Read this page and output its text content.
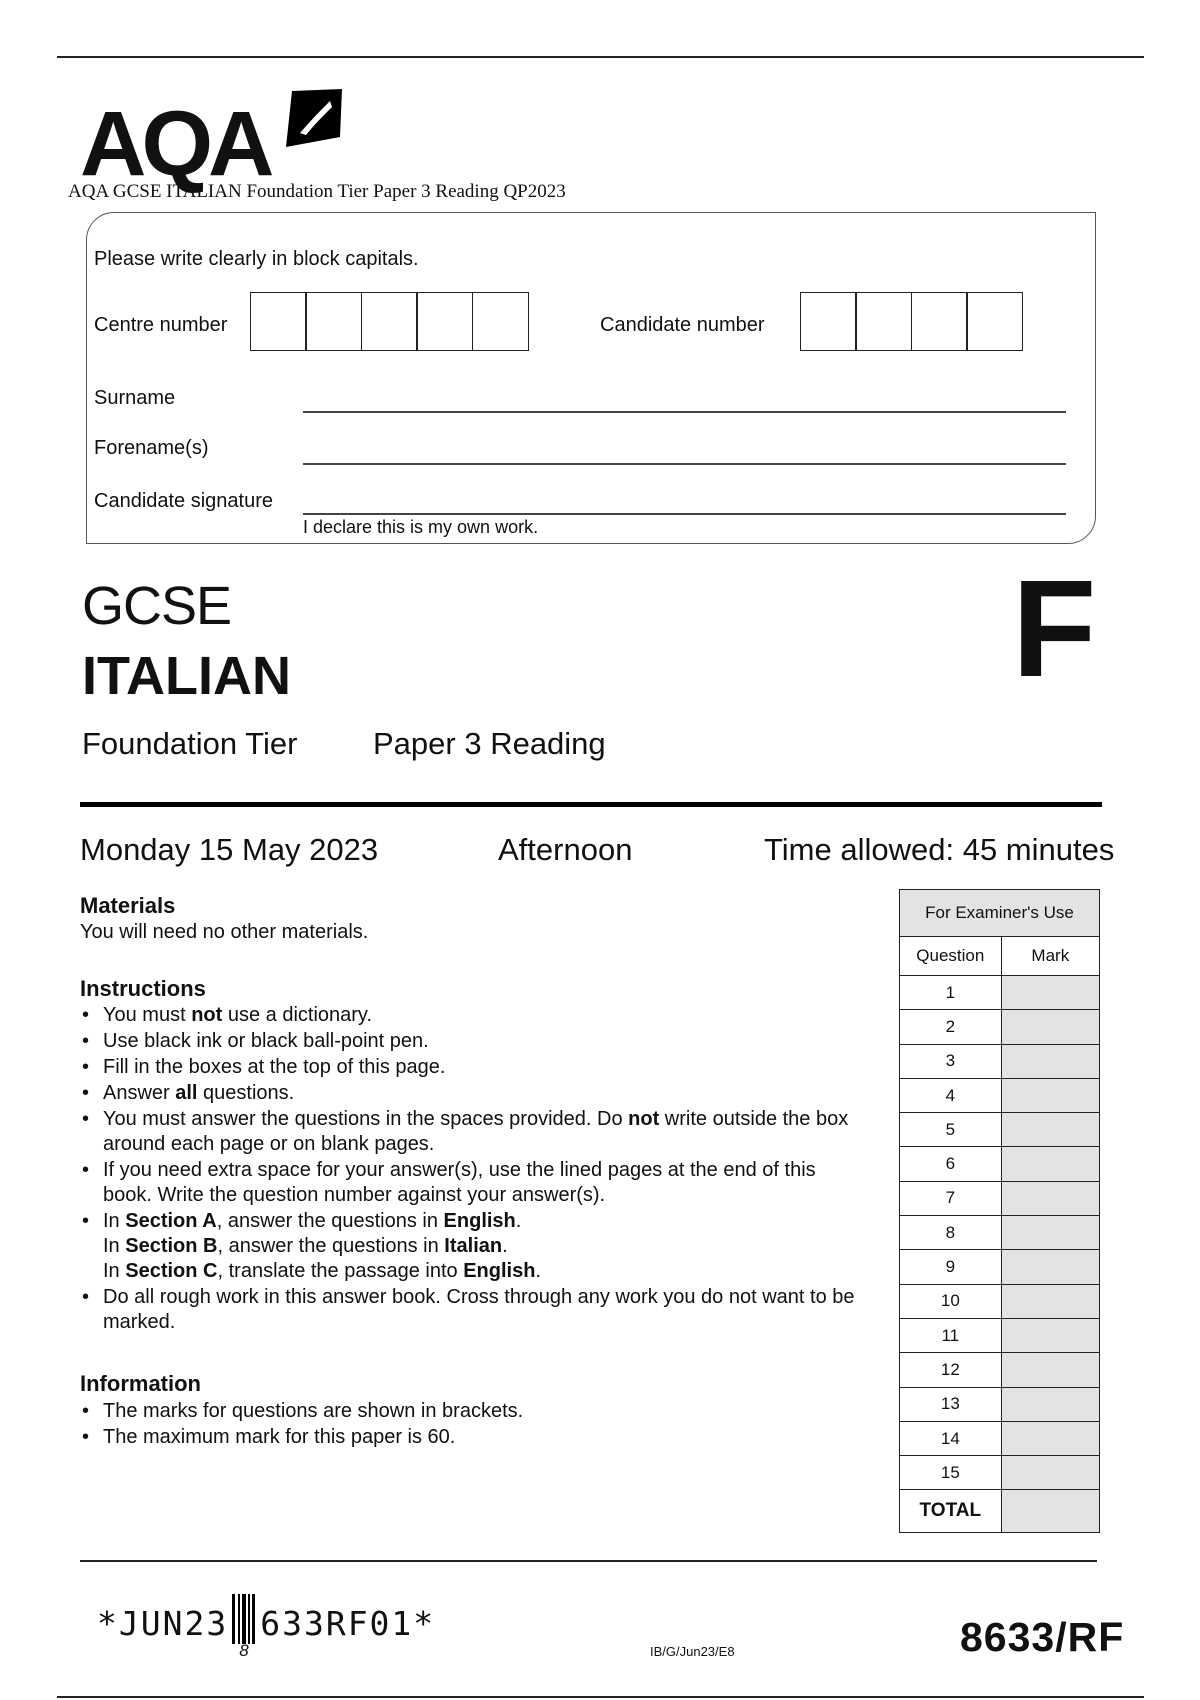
AQA
AQA GCSE ITALIAN Foundation Tier Paper 3 Reading QP2023
Please write clearly in block capitals.
Centre number	Candidate number
Surname
Forename(s)
Candidate signature
I declare this is my own work.
GCSE
ITALIAN	F
Foundation Tier Paper 3 Reading
Monday 15 May 2023	Afternoon	Time allowed: 45 minutes
Materials
You will need no other materials.
Instructions
• You must not use a dictionary.
• Use black ink or black ball-point pen.
• Fill in the boxes at the top of this page.
• Answer all questions.
• You must answer the questions in the spaces provided. Do not write outside the box around each page or on blank pages.
• If you need extra space for your answer(s), use the lined pages at the end of this book. Write the question number against your answer(s).
• In Section A, answer the questions in English.
In Section B, answer the questions in Italian.
In Section C, translate the passage into English.
• Do all rough work in this answer book. Cross through any work you do not want to be marked.
Information
• The marks for questions are shown in brackets.
• The maximum mark for this paper is 60.
For Examiner's Use	
Question	Mark
1	
2	
3	
4	
5	
6	
7	
8	
9	
10	
11	
12	
13	
14	
15	
TOTAL	
*JUN23
8
633RF01*
IB/G/Jun23/E8	8633/RF
